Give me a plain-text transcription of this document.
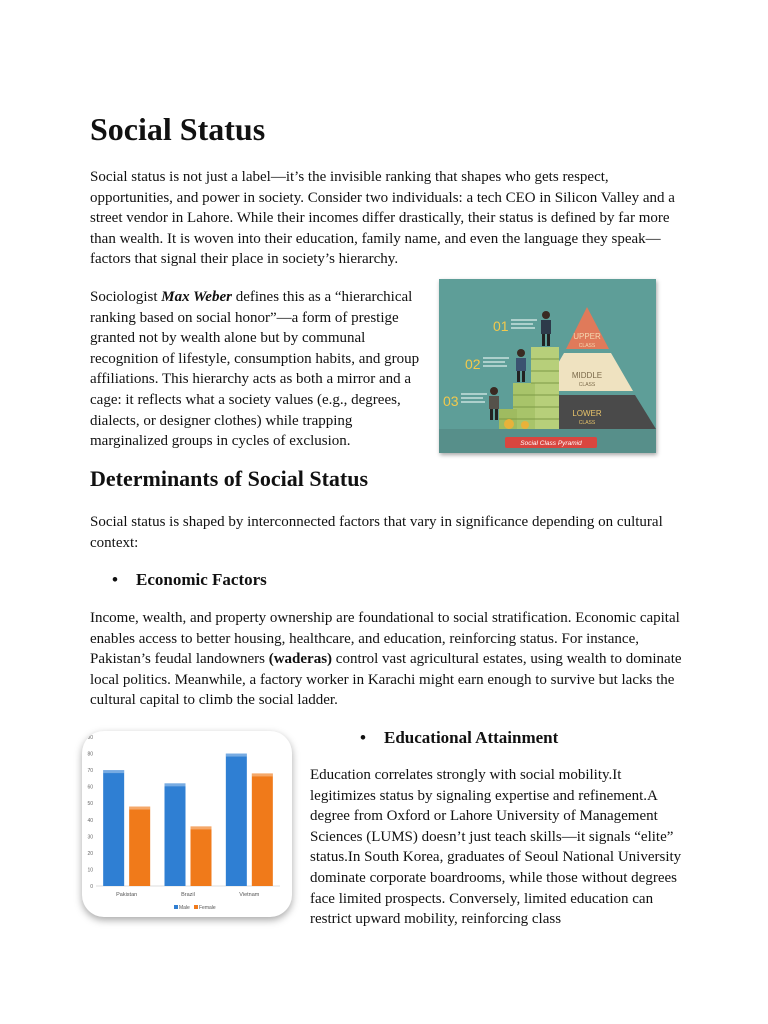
Social Status

Social status is not just a label—it’s the invisible ranking that shapes who gets respect, opportunities, and power in society. Consider two individuals: a tech CEO in Silicon Valley and a street vendor in Lahore. While their incomes differ drastically, their status is defined by far more than wealth. It is woven into their education, family name, and even the language they speak—factors that signal their place in society’s hierarchy.

Sociologist Max Weber defines this as a “hierarchical ranking based on social honor”—a form of prestige granted not by wealth alone but by communal recognition of lifestyle, consumption habits, and group affiliations. This hierarchy acts as both a mirror and a cage: it reflects what a society values (e.g., degrees, dialects, or designer clothes) while trapping marginalized groups in cycles of exclusion.

UPPER
CLASS
MIDDLE
CLASS
LOWER
CLASS
01
02
03
Social Class Pyramid
Determinants of Social Status

Social status is shaped by interconnected factors that vary in significance depending on cultural context:

• Economic Factors

Income, wealth, and property ownership are foundational to social stratification. Economic capital enables access to better housing, healthcare, and education, reinforcing status. For instance, Pakistan’s feudal landowners (waderas) control vast agricultural estates, using wealth to dominate local politics. Meanwhile, a factory worker in Karachi might earn enough to survive but lacks the cultural capital to climb the social ladder.

0
10
20
30
40
50
60
70
80
90
Pakistan	Brazil	Vietnam
Male Female

• Educational Attainment

Education correlates strongly with social mobility.It legitimizes status by signaling expertise and refinement.A degree from Oxford or Lahore University of Management Sciences (LUMS) doesn’t just teach skills—it signals “elite” status.In South Korea, graduates of Seoul National University dominate corporate boardrooms, while those without degrees face limited prospects. Conversely, limited education can restrict upward mobility, reinforcing class
